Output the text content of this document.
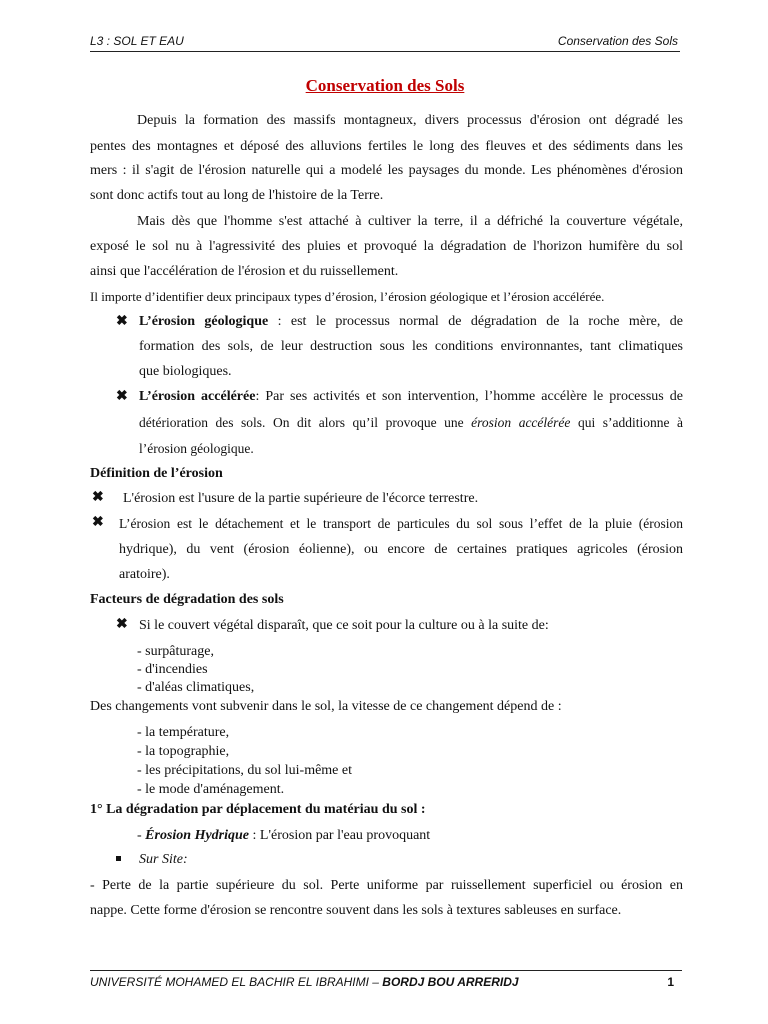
L3 : SOL ET EAU	Conservation des Sols
Conservation des Sols
Depuis la formation des massifs montagneux, divers processus d'érosion ont dégradé les
pentes des montagnes et déposé des alluvions fertiles le long des fleuves et des sédiments dans les
mers : il s'agit de l'érosion naturelle qui a modelé les paysages du monde. Les phénomènes d'érosion
sont donc actifs tout au long de l'histoire de la Terre.
Mais dès que l'homme s'est attaché à cultiver la terre, il a défriché la couverture végétale,
exposé le sol nu à l'agressivité des pluies et provoqué la dégradation de l'horizon humifère du sol
ainsi que l'accélération de l'érosion et du ruissellement.
Il importe d’identifier deux principaux types d’érosion, l’érosion géologique et l’érosion accélérée.
✖ L’érosion géologique : est le processus normal de dégradation de la roche mère, de
formation des sols, de leur destruction sous les conditions environnantes, tant climatiques
que biologiques.
✖ L’érosion accélérée: Par ses activités et son intervention, l’homme accélère le processus de
détérioration des sols. On dit alors qu’il provoque une érosion accélérée qui s’additionne à
l’érosion géologique.
Définition de l’érosion
✖ L'érosion est l'usure de la partie supérieure de l'écorce terrestre.
✖ L’érosion est le détachement et le transport de particules du sol sous l’effet de la pluie (érosion
hydrique), du vent (érosion éolienne), ou encore de certaines pratiques agricoles (érosion
aratoire).
Facteurs de dégradation des sols
✖ Si le couvert végétal disparaît, que ce soit pour la culture ou à la suite de:
- surpâturage,
- d'incendies
- d'aléas climatiques,
Des changements vont subvenir dans le sol, la vitesse de ce changement dépend de :
- la température,
- la topographie,
- les précipitations, du sol lui-même et
- le mode d'aménagement.
1° La dégradation par déplacement du matériau du sol :
- Érosion Hydrique : L'érosion par l'eau provoquant
Sur Site:
- Perte de la partie supérieure du sol. Perte uniforme par ruissellement superficiel ou érosion en
nappe. Cette forme d'érosion se rencontre souvent dans les sols à textures sableuses en surface.
UNIVERSITÉ MOHAMED EL BACHIR EL IBRAHIMI – BORDJ BOU ARRERIDJ	1
